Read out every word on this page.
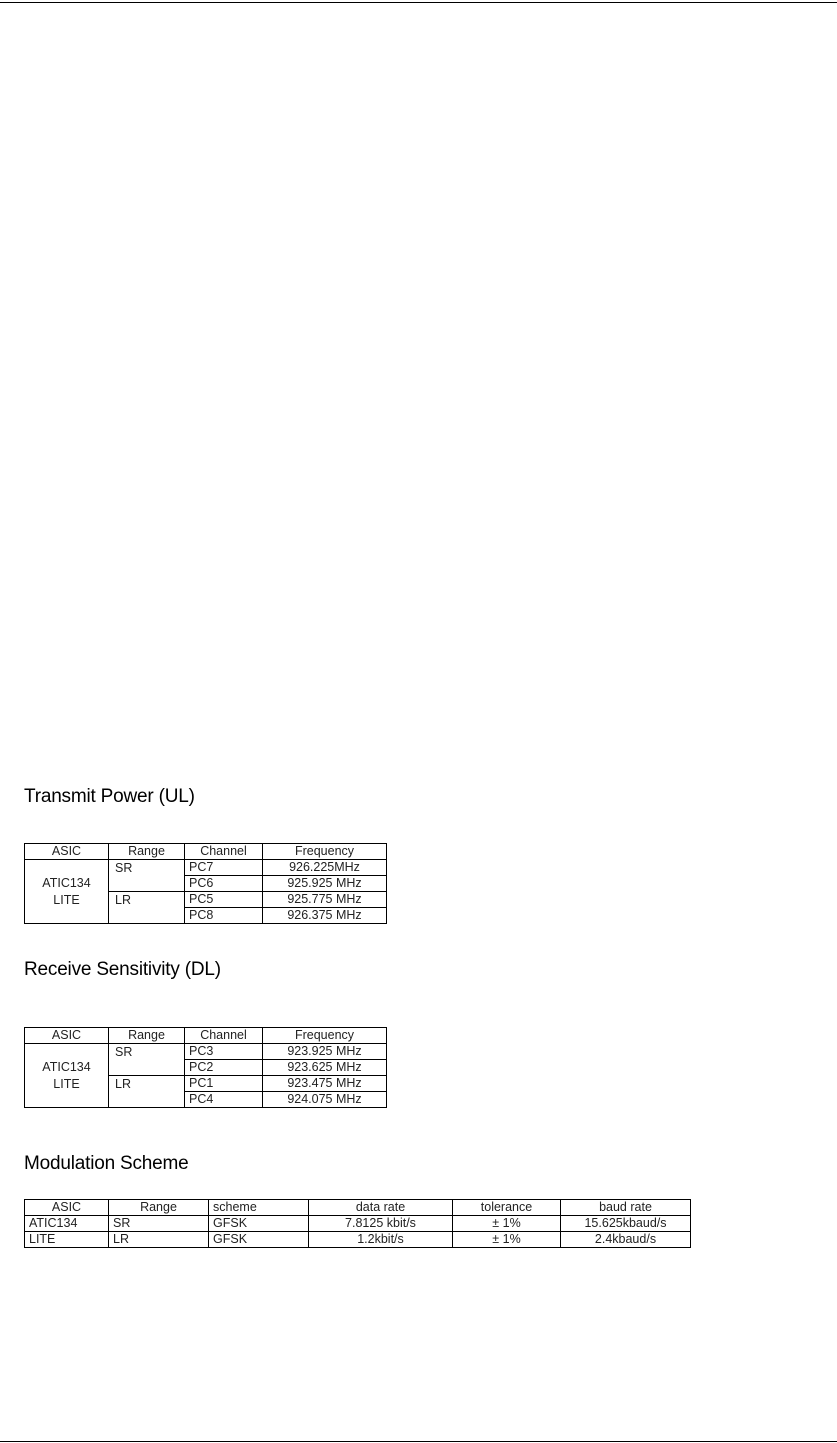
Transmit Power (UL)
ASIC	Range	Channel	Frequency
ATIC134
LITE	SR	PC7	926.225MHz
		PC6	925.925 MHz
	LR	PC5	925.775 MHz
		PC8	926.375 MHz
Receive Sensitivity (DL)
ASIC	Range	Channel	Frequency
ATIC134
LITE	SR	PC3	923.925 MHz
		PC2	923.625 MHz
	LR	PC1	923.475 MHz
		PC4	924.075 MHz
Modulation Scheme
ASIC	Range	scheme	data rate	tolerance	baud rate
ATIC134	SR	GFSK	7.8125 kbit/s	± 1%	15.625kbaud/s
LITE	LR	GFSK	1.2kbit/s	± 1%	2.4kbaud/s
